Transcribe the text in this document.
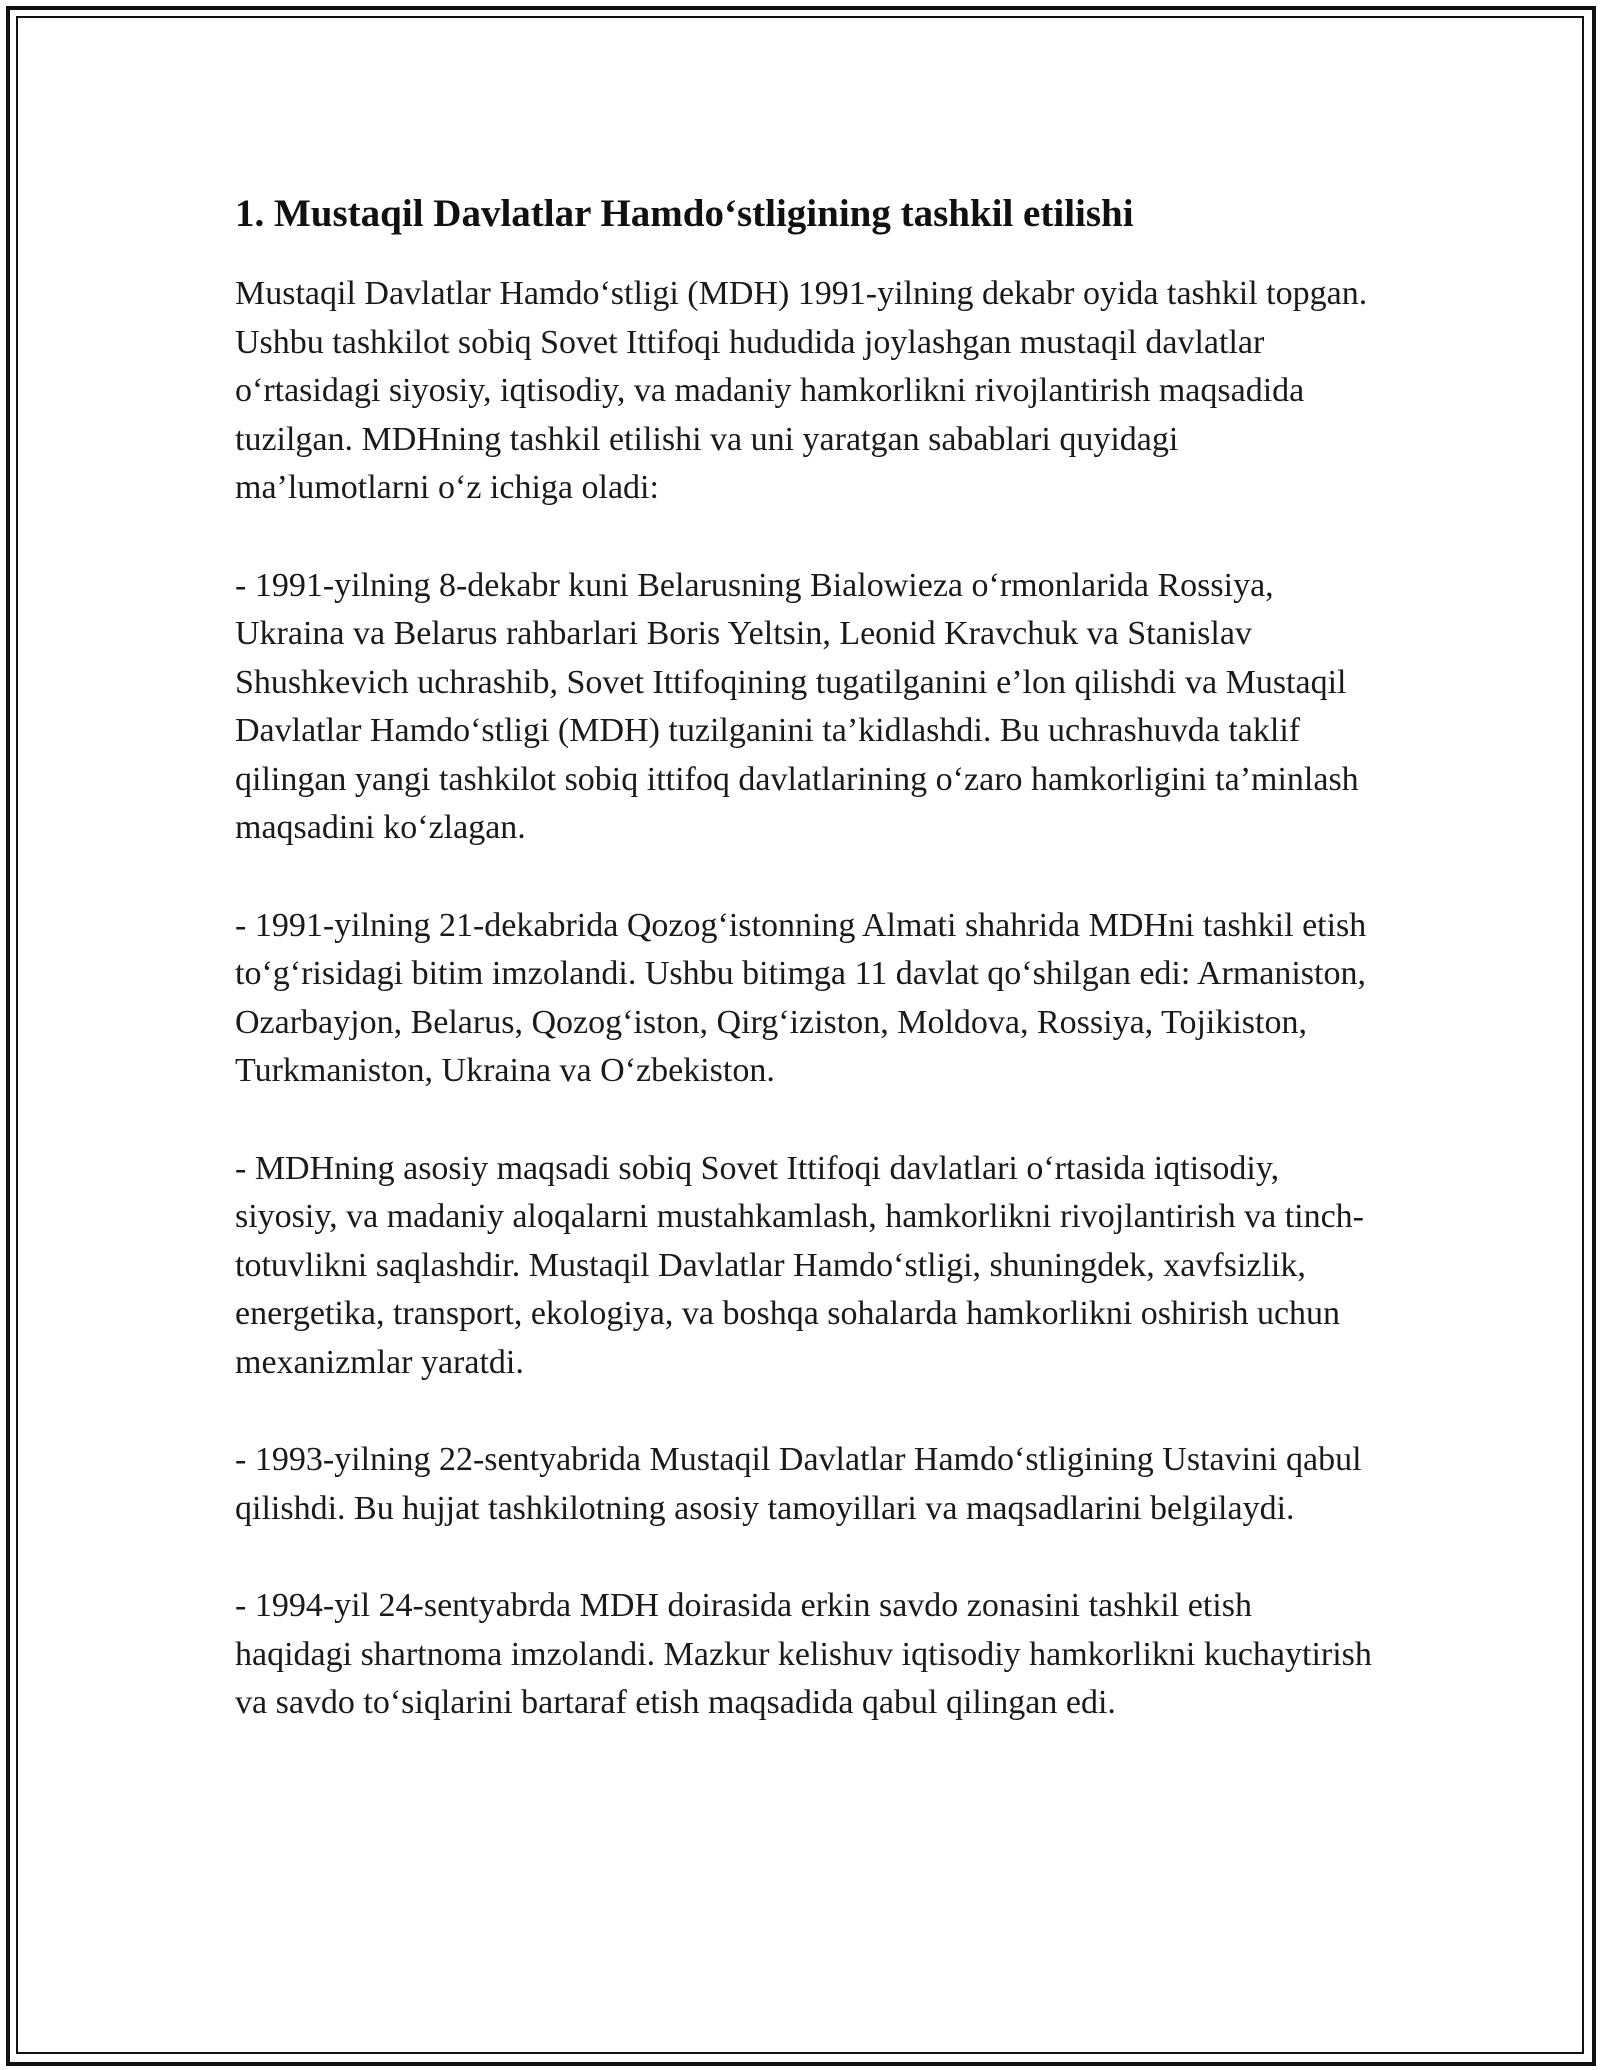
1. Mustaqil Davlatlar Hamdo‘stligining tashkil etilishi

Mustaqil Davlatlar Hamdo‘stligi (MDH) 1991-yilning dekabr oyida tashkil topgan. Ushbu tashkilot sobiq Sovet Ittifoqi hududida joylashgan mustaqil davlatlar o‘rtasidagi siyosiy, iqtisodiy, va madaniy hamkorlikni rivojlantirish maqsadida tuzilgan. MDHning tashkil etilishi va uni yaratgan sabablari quyidagi ma’lumotlarni o‘z ichiga oladi:

- 1991-yilning 8-dekabr kuni Belarusning Bialowieza o‘rmonlarida Rossiya, Ukraina va Belarus rahbarlari Boris Yeltsin, Leonid Kravchuk va Stanislav Shushkevich uchrashib, Sovet Ittifoqining tugatilganini e’lon qilishdi va Mustaqil Davlatlar Hamdo‘stligi (MDH) tuzilganini ta’kidlashdi. Bu uchrashuvda taklif qilingan yangi tashkilot sobiq ittifoq davlatlarining o‘zaro hamkorligini ta’minlash maqsadini ko‘zlagan.

- 1991-yilning 21-dekabrida Qozog‘istonning Almati shahrida MDHni tashkil etish to‘g‘risidagi bitim imzolandi. Ushbu bitimga 11 davlat qo‘shilgan edi: Armaniston, Ozarbayjon, Belarus, Qozog‘iston, Qirg‘iziston, Moldova, Rossiya, Tojikiston, Turkmaniston, Ukraina va O‘zbekiston.

- MDHning asosiy maqsadi sobiq Sovet Ittifoqi davlatlari o‘rtasida iqtisodiy, siyosiy, va madaniy aloqalarni mustahkamlash, hamkorlikni rivojlantirish va tinch-totuvlikni saqlashdir. Mustaqil Davlatlar Hamdo‘stligi, shuningdek, xavfsizlik, energetika, transport, ekologiya, va boshqa sohalarda hamkorlikni oshirish uchun mexanizmlar yaratdi.

- 1993-yilning 22-sentyabrida Mustaqil Davlatlar Hamdo‘stligining Ustavini qabul qilishdi. Bu hujjat tashkilotning asosiy tamoyillari va maqsadlarini belgilaydi.

- 1994-yil 24-sentyabrda MDH doirasida erkin savdo zonasini tashkil etish haqidagi shartnoma imzolandi. Mazkur kelishuv iqtisodiy hamkorlikni kuchaytirish va savdo to‘siqlarini bartaraf etish maqsadida qabul qilingan edi.
